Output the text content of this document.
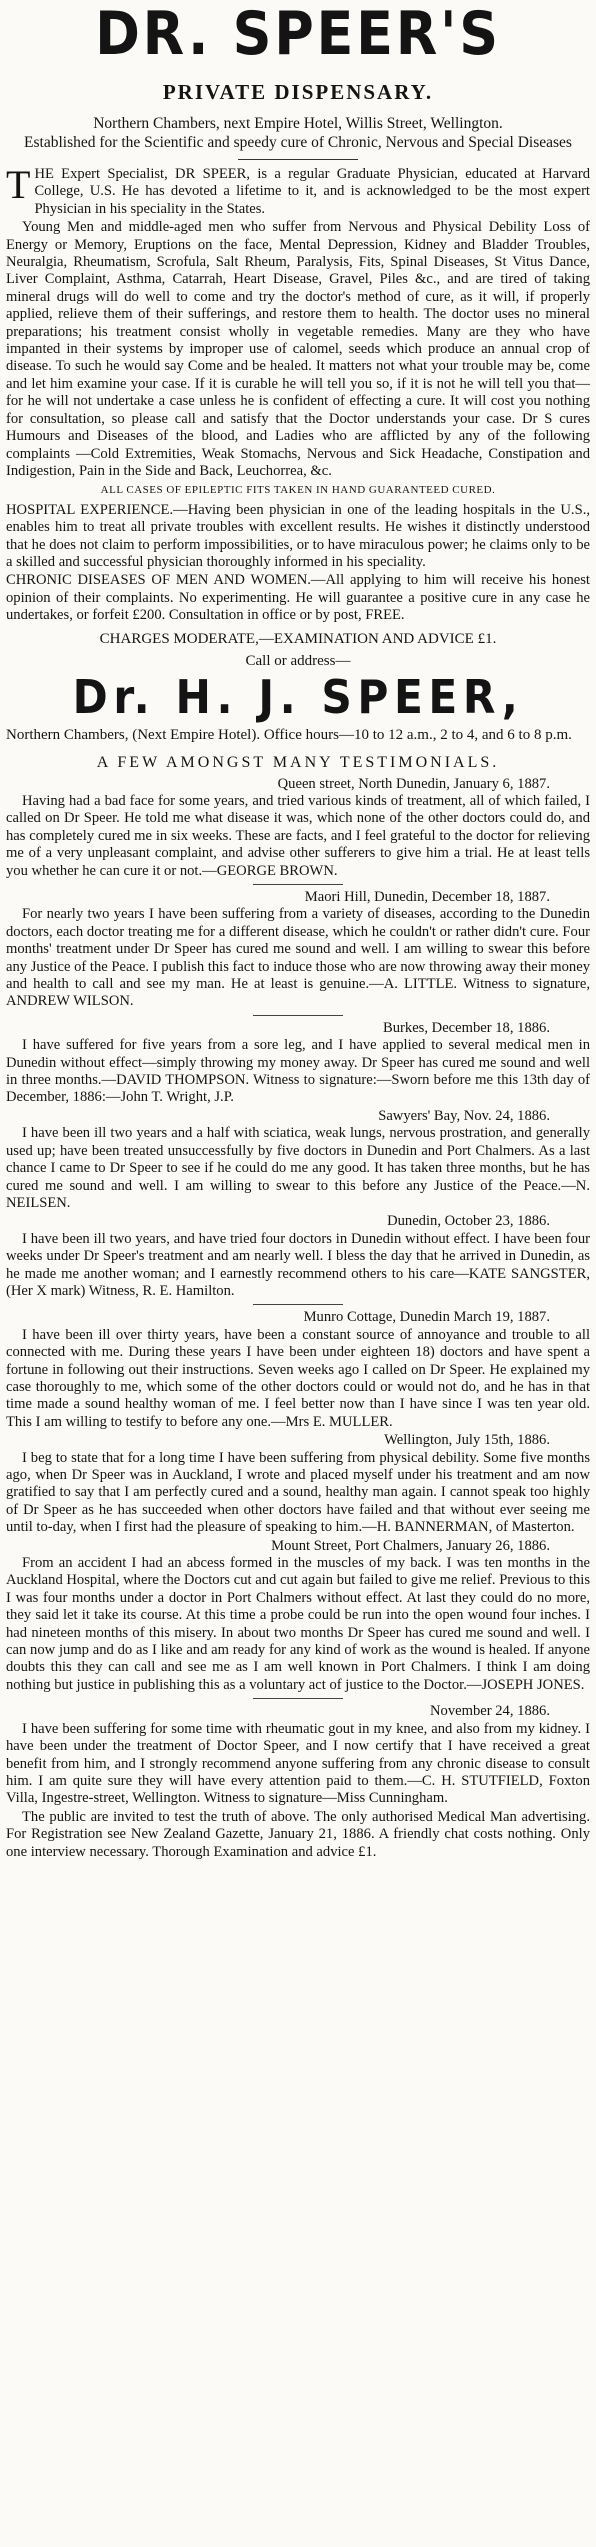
DR. SPEER'S
PRIVATE DISPENSARY.

Northern Chambers, next Empire Hotel, Willis Street, Wellington.

Established for the Scientific and speedy cure of Chronic, Nervous and Special Diseases

THE Expert Specialist, DR SPEER, is a regular Graduate Physician, educated at Harvard College, U.S. He has devoted a lifetime to it, and is acknowledged to be the most expert Physician in his speciality in the States.

Young Men and middle-aged men who suffer from Nervous and Physical Debility Loss of Energy or Memory, Eruptions on the face, Mental Depression, Kidney and Bladder Troubles, Neuralgia, Rheumatism, Scrofula, Salt Rheum, Paralysis, Fits, Spinal Diseases, St Vitus Dance, Liver Complaint, Asthma, Catarrah, Heart Disease, Gravel, Piles &c., and are tired of taking mineral drugs will do well to come and try the doctor's method of cure, as it will, if properly applied, relieve them of their sufferings, and restore them to health. The doctor uses no mineral preparations; his treatment consist wholly in vegetable remedies. Many are they who have impanted in their systems by improper use of calomel, seeds which produce an annual crop of disease. To such he would say Come and be healed. It matters not what your trouble may be, come and let him examine your case. If it is curable he will tell you so, if it is not he will tell you that—for he will not undertake a case unless he is confident of effecting a cure. It will cost you nothing for consultation, so please call and satisfy that the Doctor understands your case. Dr S cures Humours and Diseases of the blood, and Ladies who are afflicted by any of the following complaints —Cold Extremities, Weak Stomachs, Nervous and Sick Headache, Constipation and Indigestion, Pain in the Side and Back, Leuchorrea, &c.

ALL CASES OF EPILEPTIC FITS TAKEN IN HAND GUARANTEED CURED.

HOSPITAL EXPERIENCE.—Having been physician in one of the leading hospitals in the U.S., enables him to treat all private troubles with excellent results. He wishes it distinctly understood that he does not claim to perform impossibilities, or to have miraculous power; he claims only to be a skilled and successful physician thoroughly informed in his speciality.

CHRONIC DISEASES OF MEN AND WOMEN.—All applying to him will receive his honest opinion of their complaints. No experimenting. He will guarantee a positive cure in any case he undertakes, or forfeit £200. Consultation in office or by post, FREE.

CHARGES MODERATE,—EXAMINATION AND ADVICE £1.
Call or address—
Dr. H. J. SPEER,
Northern Chambers, (Next Empire Hotel). Office hours—10 to 12 a.m., 2 to 4, and 6 to 8 p.m.
A FEW AMONGST MANY TESTIMONIALS.
Queen street, North Dunedin, January 6, 1887.

Having had a bad face for some years, and tried various kinds of treatment, all of which failed, I called on Dr Speer. He told me what disease it was, which none of the other doctors could do, and has completely cured me in six weeks. These are facts, and I feel grateful to the doctor for relieving me of a very unpleasant complaint, and advise other sufferers to give him a trial. He at least tells you whether he can cure it or not.—GEORGE BROWN.

Maori Hill, Dunedin, December 18, 1887.

For nearly two years I have been suffering from a variety of diseases, according to the Dunedin doctors, each doctor treating me for a different disease, which he couldn't or rather didn't cure. Four months' treatment under Dr Speer has cured me sound and well. I am willing to swear this before any Justice of the Peace. I publish this fact to induce those who are now throwing away their money and health to call and see my man. He at least is genuine.—A. LITTLE. Witness to signature, ANDREW WILSON.

Burkes, December 18, 1886.

I have suffered for five years from a sore leg, and I have applied to several medical men in Dunedin without effect—simply throwing my money away. Dr Speer has cured me sound and well in three months.—DAVID THOMPSON. Witness to signature:—Sworn before me this 13th day of December, 1886:—John T. Wright, J.P.

Sawyers' Bay, Nov. 24, 1886.

I have been ill two years and a half with sciatica, weak lungs, nervous prostration, and generally used up; have been treated unsuccessfully by five doctors in Dunedin and Port Chalmers. As a last chance I came to Dr Speer to see if he could do me any good. It has taken three months, but he has cured me sound and well. I am willing to swear to this before any Justice of the Peace.—N. NEILSEN.

Dunedin, October 23, 1886.

I have been ill two years, and have tried four doctors in Dunedin without effect. I have been four weeks under Dr Speer's treatment and am nearly well. I bless the day that he arrived in Dunedin, as he made me another woman; and I earnestly recommend others to his care—KATE SANGSTER, (Her X mark) Witness, R. E. Hamilton.

Munro Cottage, Dunedin March 19, 1887.

I have been ill over thirty years, have been a constant source of annoyance and trouble to all connected with me. During these years I have been under eighteen 18) doctors and have spent a fortune in following out their instructions. Seven weeks ago I called on Dr Speer. He explained my case thoroughly to me, which some of the other doctors could or would not do, and he has in that time made a sound healthy woman of me. I feel better now than I have since I was ten year old. This I am willing to testify to before any one.—Mrs E. MULLER.

Wellington, July 15th, 1886.

I beg to state that for a long time I have been suffering from physical debility. Some five months ago, when Dr Speer was in Auckland, I wrote and placed myself under his treatment and am now gratified to say that I am perfectly cured and a sound, healthy man again. I cannot speak too highly of Dr Speer as he has succeeded when other doctors have failed and that without ever seeing me until to-day, when I first had the pleasure of speaking to him.—H. BANNERMAN, of Masterton.

Mount Street, Port Chalmers, January 26, 1886.

From an accident I had an abcess formed in the muscles of my back. I was ten months in the Auckland Hospital, where the Doctors cut and cut again but failed to give me relief. Previous to this I was four months under a doctor in Port Chalmers without effect. At last they could do no more, they said let it take its course. At this time a probe could be run into the open wound four inches. I had nineteen months of this misery. In about two months Dr Speer has cured me sound and well. I can now jump and do as I like and am ready for any kind of work as the wound is healed. If anyone doubts this they can call and see me as I am well known in Port Chalmers. I think I am doing nothing but justice in publishing this as a voluntary act of justice to the Doctor.—JOSEPH JONES.

November 24, 1886.

I have been suffering for some time with rheumatic gout in my knee, and also from my kidney. I have been under the treatment of Doctor Speer, and I now certify that I have received a great benefit from him, and I strongly recommend anyone suffering from any chronic disease to consult him. I am quite sure they will have every attention paid to them.—C. H. STUTFIELD, Foxton Villa, Ingestre-street, Wellington. Witness to signature—Miss Cunningham.

The public are invited to test the truth of above. The only authorised Medical Man advertising. For Registration see New Zealand Gazette, January 21, 1886. A friendly chat costs nothing. Only one interview necessary. Thorough Examination and advice £1.
